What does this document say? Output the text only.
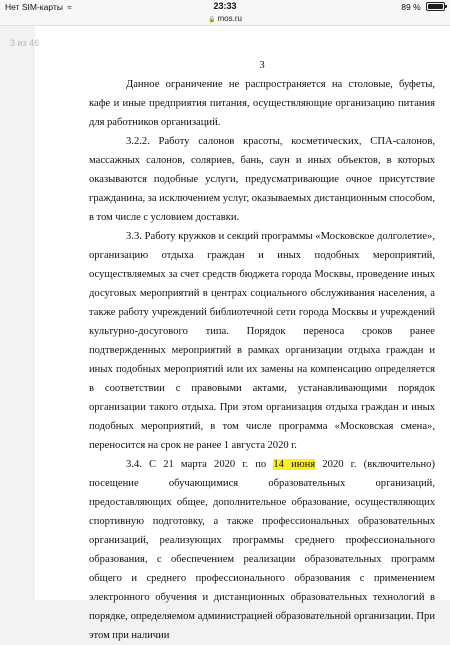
Нет SIM-карты ≈	23:33	89 %
🔒 mos.ru
3

Данное ограничение не распространяется на столовые, буфеты, кафе и иные предприятия питания, осуществляющие организацию питания для работников организаций.

3.2.2. Работу салонов красоты, косметических, СПА-салонов, массажных салонов, соляриев, бань, саун и иных объектов, в которых оказываются подобные услуги, предусматривающие очное присутствие гражданина, за исключением услуг, оказываемых дистанционным способом, в том числе с условием доставки.

3.3. Работу кружков и секций программы «Московское долголетие», организацию отдыха граждан и иных подобных мероприятий, осуществляемых за счет средств бюджета города Москвы, проведение иных досуговых мероприятий в центрах социального обслуживания населения, а также работу учреждений библиотечной сети города Москвы и учреждений культурно-досугового типа. Порядок переноса сроков ранее подтвержденных мероприятий в рамках организации отдыха граждан и иных подобных мероприятий или их замены на компенсацию определяется в соответствии с правовыми актами, устанавливающими порядок организации такого отдыха. При этом организация отдыха граждан и иных подобных мероприятий, в том числе программа «Московская смена», переносится на срок не ранее 1 августа 2020 г.

3.4. С 21 марта 2020 г. по 14 июня 2020 г. (включительно) посещение обучающимися образовательных организаций, предоставляющих общее, дополнительное образование, осуществляющих спортивную подготовку, а также профессиональных образовательных организаций, реализующих программы среднего профессионального образования, с обеспечением реализации образовательных программ общего и среднего профессионального образования с применением электронного обучения и дистанционных образовательных технологий в порядке, определяемом администрацией образовательной организации. При этом при наличии

3 из 46
